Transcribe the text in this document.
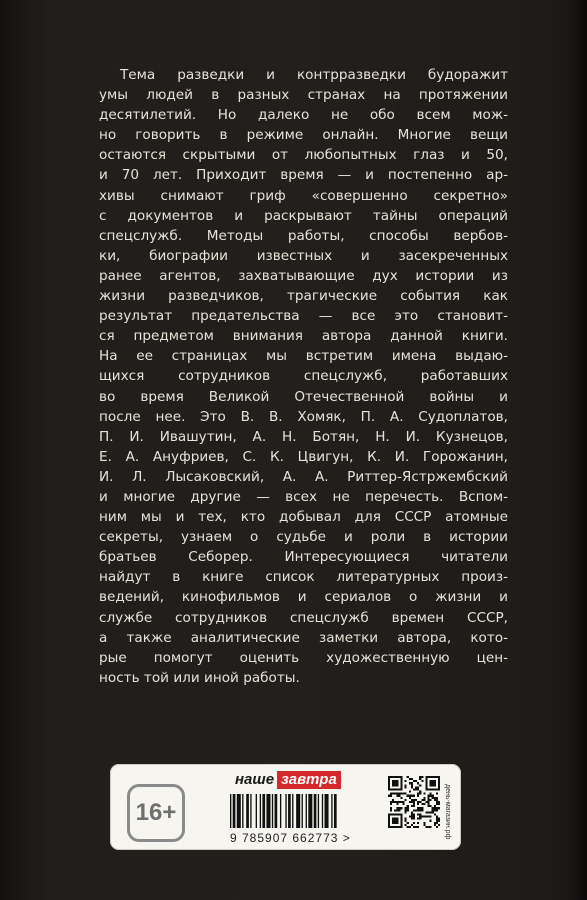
Тема разведки и контрразведки будоражит
умы людей в разных странах на протяжении
десятилетий. Но далеко не обо всем мож-
но говорить в режиме онлайн. Многие вещи
остаются скрытыми от любопытных глаз и 50,
и 70 лет. Приходит время — и постепенно ар-
хивы снимают гриф «совершенно секретно»
с документов и раскрывают тайны операций
спецслужб. Методы работы, способы вербов-
ки, биографии известных и засекреченных
ранее агентов, захватывающие дух истории из
жизни разведчиков, трагические события как
результат предательства — все это становит-
ся предметом внимания автора данной книги.
На ее страницах мы встретим имена выдаю-
щихся сотрудников спецслужб, работавших
во время Великой Отечественной войны и
после нее. Это В. В. Хомяк, П. А. Судоплатов,
П. И. Ивашутин, А. Н. Ботян, Н. И. Кузнецов,
Е. А. Ануфриев, С. К. Цвигун, К. И. Горожанин,
И. Л. Лысаковский, А. А. Риттер-Ястржембский
и многие другие — всех не перечесть. Вспом-
ним мы и тех, кто добывал для СССР атомные
секреты, узнаем о судьбе и роли в истории
братьев Себорер. Интересующиеся читатели
найдут в книге список литературных произ-
ведений, кинофильмов и сериалов о жизни и
службе сотрудников спецслужб времен СССР,
а также аналитические заметки автора, кото-
рые помогут оценить художественную цен-
ность той или иной работы.
16+
наше завтра
9 785907 662773 >	день-магазин.рф
